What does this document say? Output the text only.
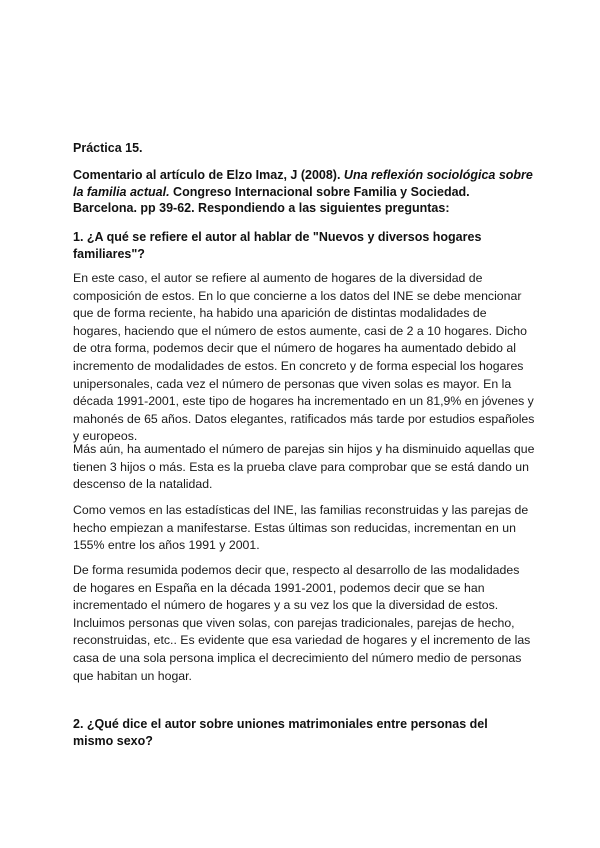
Práctica 15.

Comentario al artículo de Elzo Imaz, J (2008). Una reflexión sociológica sobre la familia actual. Congreso Internacional sobre Familia y Sociedad. Barcelona. pp 39-62. Respondiendo a las siguientes preguntas:

1. ¿A qué se refiere el autor al hablar de "Nuevos y diversos hogares familiares"?

En este caso, el autor se refiere al aumento de hogares de la diversidad de composición de estos. En lo que concierne a los datos del INE se debe mencionar que de forma reciente, ha habido una aparición de distintas modalidades de hogares, haciendo que el número de estos aumente, casi de 2 a 10 hogares. Dicho de otra forma, podemos decir que el número de hogares ha aumentado debido al incremento de modalidades de estos. En concreto y de forma especial los hogares unipersonales, cada vez el número de personas que viven solas es mayor. En la década 1991-2001, este tipo de hogares ha incrementado en un 81,9% en jóvenes y mahonés de 65 años. Datos elegantes, ratificados más tarde por estudios españoles y europeos.

Más aún, ha aumentado el número de parejas sin hijos y ha disminuido aquellas que tienen 3 hijos o más. Esta es la prueba clave para comprobar que se está dando un descenso de la natalidad.

Como vemos en las estadísticas del INE, las familias reconstruidas y las parejas de hecho empiezan a manifestarse. Estas últimas son reducidas, incrementan en un 155% entre los años 1991 y 2001.

De forma resumida podemos decir que, respecto al desarrollo de las modalidades de hogares en España en la década 1991-2001, podemos decir que se han incrementado el número de hogares y a su vez los que la diversidad de estos. Incluimos personas que viven solas, con parejas tradicionales, parejas de hecho, reconstruidas, etc.. Es evidente que esa variedad de hogares y el incremento de las casa de una sola persona implica el decrecimiento del número medio de personas que habitan un hogar.

2. ¿Qué dice el autor sobre uniones matrimoniales entre personas del mismo sexo?
